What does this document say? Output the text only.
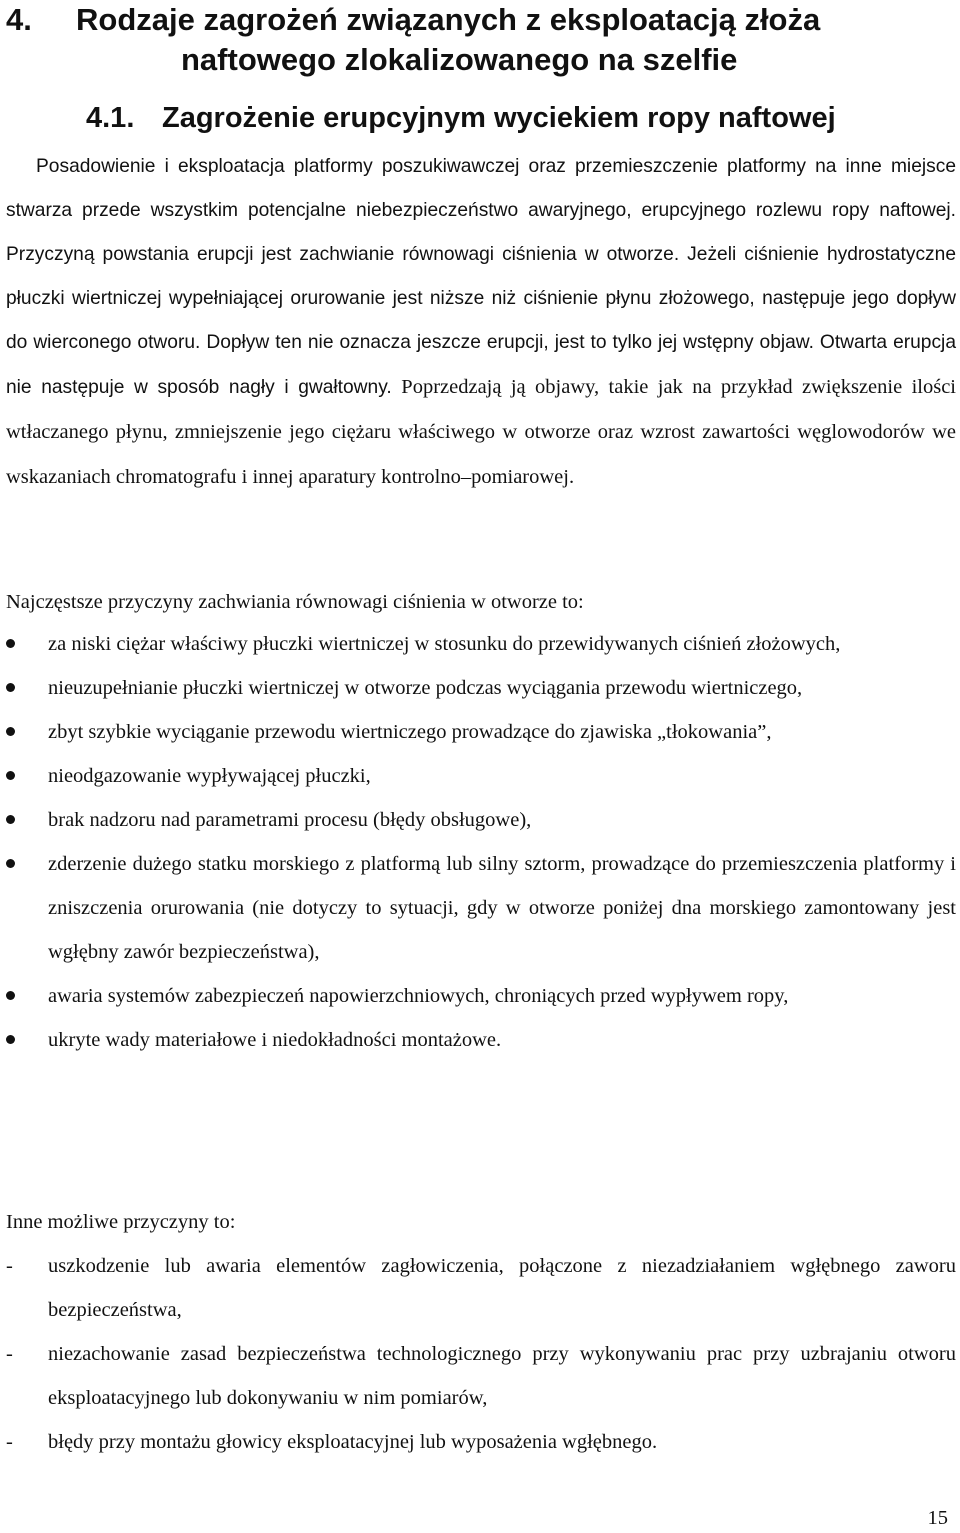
4. Rodzaje zagrożeń związanych z eksploatacją złoża
naftowego zlokalizowanego na szelfie
4.1. Zagrożenie erupcyjnym wyciekiem ropy naftowej

Posadowienie i eksploatacja platformy poszukiwawczej oraz przemieszczenie platformy na inne miejsce stwarza przede wszystkim potencjalne niebezpieczeństwo awaryjnego, erupcyjnego rozlewu ropy naftowej. Przyczyną powstania erupcji jest zachwianie równowagi ciśnienia w otworze. Jeżeli ciśnienie hydrostatyczne płuczki wiertniczej wypełniającej orurowanie jest niższe niż ciśnienie płynu złożowego, następuje jego dopływ do wierconego otworu. Dopływ ten nie oznacza jeszcze erupcji, jest to tylko jej wstępny objaw. Otwarta erupcja nie następuje w sposób nagły i gwałtowny. Poprzedzają ją objawy, takie jak na przykład zwiększenie ilości wtłaczanego płynu, zmniejszenie jego ciężaru właściwego w otworze oraz wzrost zawartości węglowodorów we wskazaniach chromatografu i innej aparatury kontrolno–pomiarowej.

Najczęstsze przyczyny zachwiania równowagi ciśnienia w otworze to:

za niski ciężar właściwy płuczki wiertniczej w stosunku do przewidywanych ciśnień złożowych,
nieuzupełnianie płuczki wiertniczej w otworze podczas wyciągania przewodu wiertniczego,
zbyt szybkie wyciąganie przewodu wiertniczego prowadzące do zjawiska „tłokowania”,
nieodgazowanie wypływającej płuczki,
brak nadzoru nad parametrami procesu (błędy obsługowe),
zderzenie dużego statku morskiego z platformą lub silny sztorm, prowadzące do przemieszczenia platformy i zniszczenia orurowania (nie dotyczy to sytuacji, gdy w otworze poniżej dna morskiego zamontowany jest wgłębny zawór bezpieczeństwa),
awaria systemów zabezpieczeń napowierzchniowych, chroniących przed wypływem ropy,
ukryte wady materiałowe i niedokładności montażowe.

Inne możliwe przyczyny to:

- uszkodzenie lub awaria elementów zagłowiczenia, połączone z niezadziałaniem wgłębnego zaworu bezpieczeństwa,
- niezachowanie zasad bezpieczeństwa technologicznego przy wykonywaniu prac przy uzbrajaniu otworu eksploatacyjnego lub dokonywaniu w nim pomiarów,
- błędy przy montażu głowicy eksploatacyjnej lub wyposażenia wgłębnego.
15
